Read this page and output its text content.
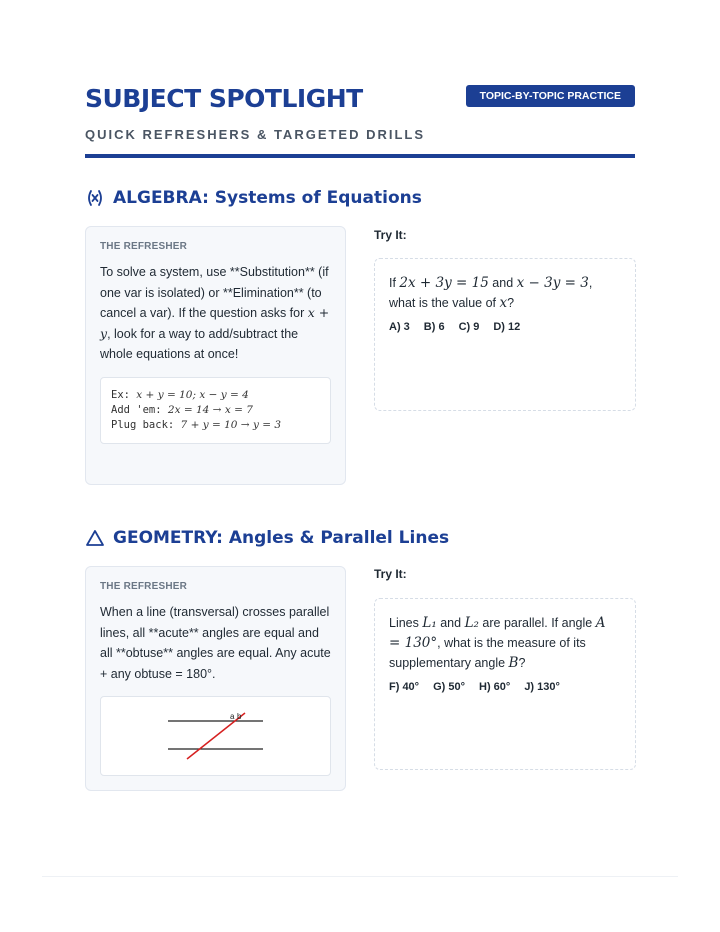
SUBJECT SPOTLIGHT
QUICK REFRESHERS & TARGETED DRILLS
TOPIC-BY-TOPIC PRACTICE
ALGEBRA: Systems of Equations
THE REFRESHER
To solve a system, use **Substitution** (if one var is isolated) or **Elimination** (to cancel a var). If the question asks for x + y, look for a way to add/subtract the whole equations at once!
Ex: x + y = 10; x − y = 4
Add 'em: 2x = 14 → x = 7
Plug back: 7 + y = 10 → y = 3
Try It:
If 2x + 3y = 15 and x − 3y = 3, what is the value of x?
A) 3 B) 6 C) 9 D) 12
GEOMETRY: Angles & Parallel Lines
THE REFRESHER
When a line (transversal) crosses parallel lines, all **acute** angles are equal and all **obtuse** angles are equal. Any acute + any obtuse = 180°.
a b
Try It:
Lines L₁ and L₂ are parallel. If angle A = 130°, what is the measure of its supplementary angle B?
F) 40° G) 50° H) 60° J) 130°
